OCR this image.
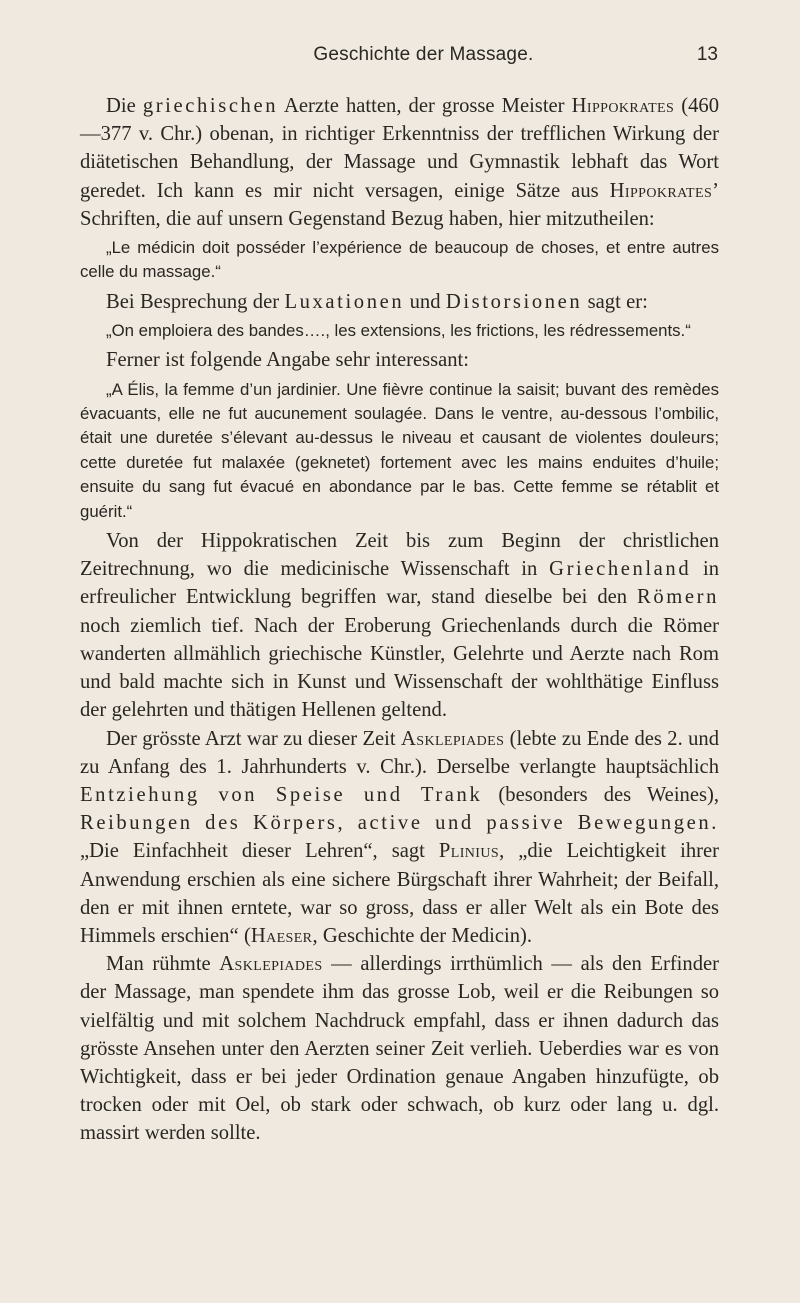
Geschichte der Massage.	13

Die griechischen Aerzte hatten, der grosse Meister Hippokrates (460—377 v. Chr.) obenan, in richtiger Erkenntniss der trefflichen Wirkung der diätetischen Behandlung, der Massage und Gymnastik lebhaft das Wort geredet. Ich kann es mir nicht versagen, einige Sätze aus Hippokrates’ Schriften, die auf unsern Gegenstand Bezug haben, hier mitzutheilen:

„Le médicin doit posséder l’expérience de beaucoup de choses, et entre autres celle du massage.“

Bei Besprechung der Luxationen und Distorsionen sagt er:

„On emploiera des bandes…., les extensions, les frictions, les rédressements.“

Ferner ist folgende Angabe sehr interessant:

„A Élis, la femme d’un jardinier. Une fièvre continue la saisit; buvant des remèdes évacuants, elle ne fut aucunement soulagée. Dans le ventre, au-dessous l’ombilic, était une duretée s’élevant au-dessus le niveau et causant de violentes douleurs; cette duretée fut malaxée (geknetet) fortement avec les mains enduites d’huile; ensuite du sang fut évacué en abondance par le bas. Cette femme se rétablit et guérit.“

Von der Hippokratischen Zeit bis zum Beginn der christlichen Zeitrechnung, wo die medicinische Wissenschaft in Griechenland in erfreulicher Entwicklung begriffen war, stand dieselbe bei den Römern noch ziemlich tief. Nach der Eroberung Griechenlands durch die Römer wanderten allmählich griechische Künstler, Gelehrte und Aerzte nach Rom und bald machte sich in Kunst und Wissenschaft der wohlthätige Einfluss der gelehrten und thätigen Hellenen geltend.

Der grösste Arzt war zu dieser Zeit Asklepiades (lebte zu Ende des 2. und zu Anfang des 1. Jahrhunderts v. Chr.). Derselbe verlangte hauptsächlich Entziehung von Speise und Trank (besonders des Weines), Reibungen des Körpers, active und passive Bewegungen. „Die Einfachheit dieser Lehren“, sagt Plinius, „die Leichtigkeit ihrer Anwendung erschien als eine sichere Bürgschaft ihrer Wahrheit; der Beifall, den er mit ihnen erntete, war so gross, dass er aller Welt als ein Bote des Himmels erschien“ (Haeser, Geschichte der Medicin).

Man rühmte Asklepiades — allerdings irrthümlich — als den Erfinder der Massage, man spendete ihm das grosse Lob, weil er die Reibungen so vielfältig und mit solchem Nachdruck empfahl, dass er ihnen dadurch das grösste Ansehen unter den Aerzten seiner Zeit verlieh. Ueberdies war es von Wichtigkeit, dass er bei jeder Ordination genaue Angaben hinzufügte, ob trocken oder mit Oel, ob stark oder schwach, ob kurz oder lang u. dgl. massirt werden sollte.
